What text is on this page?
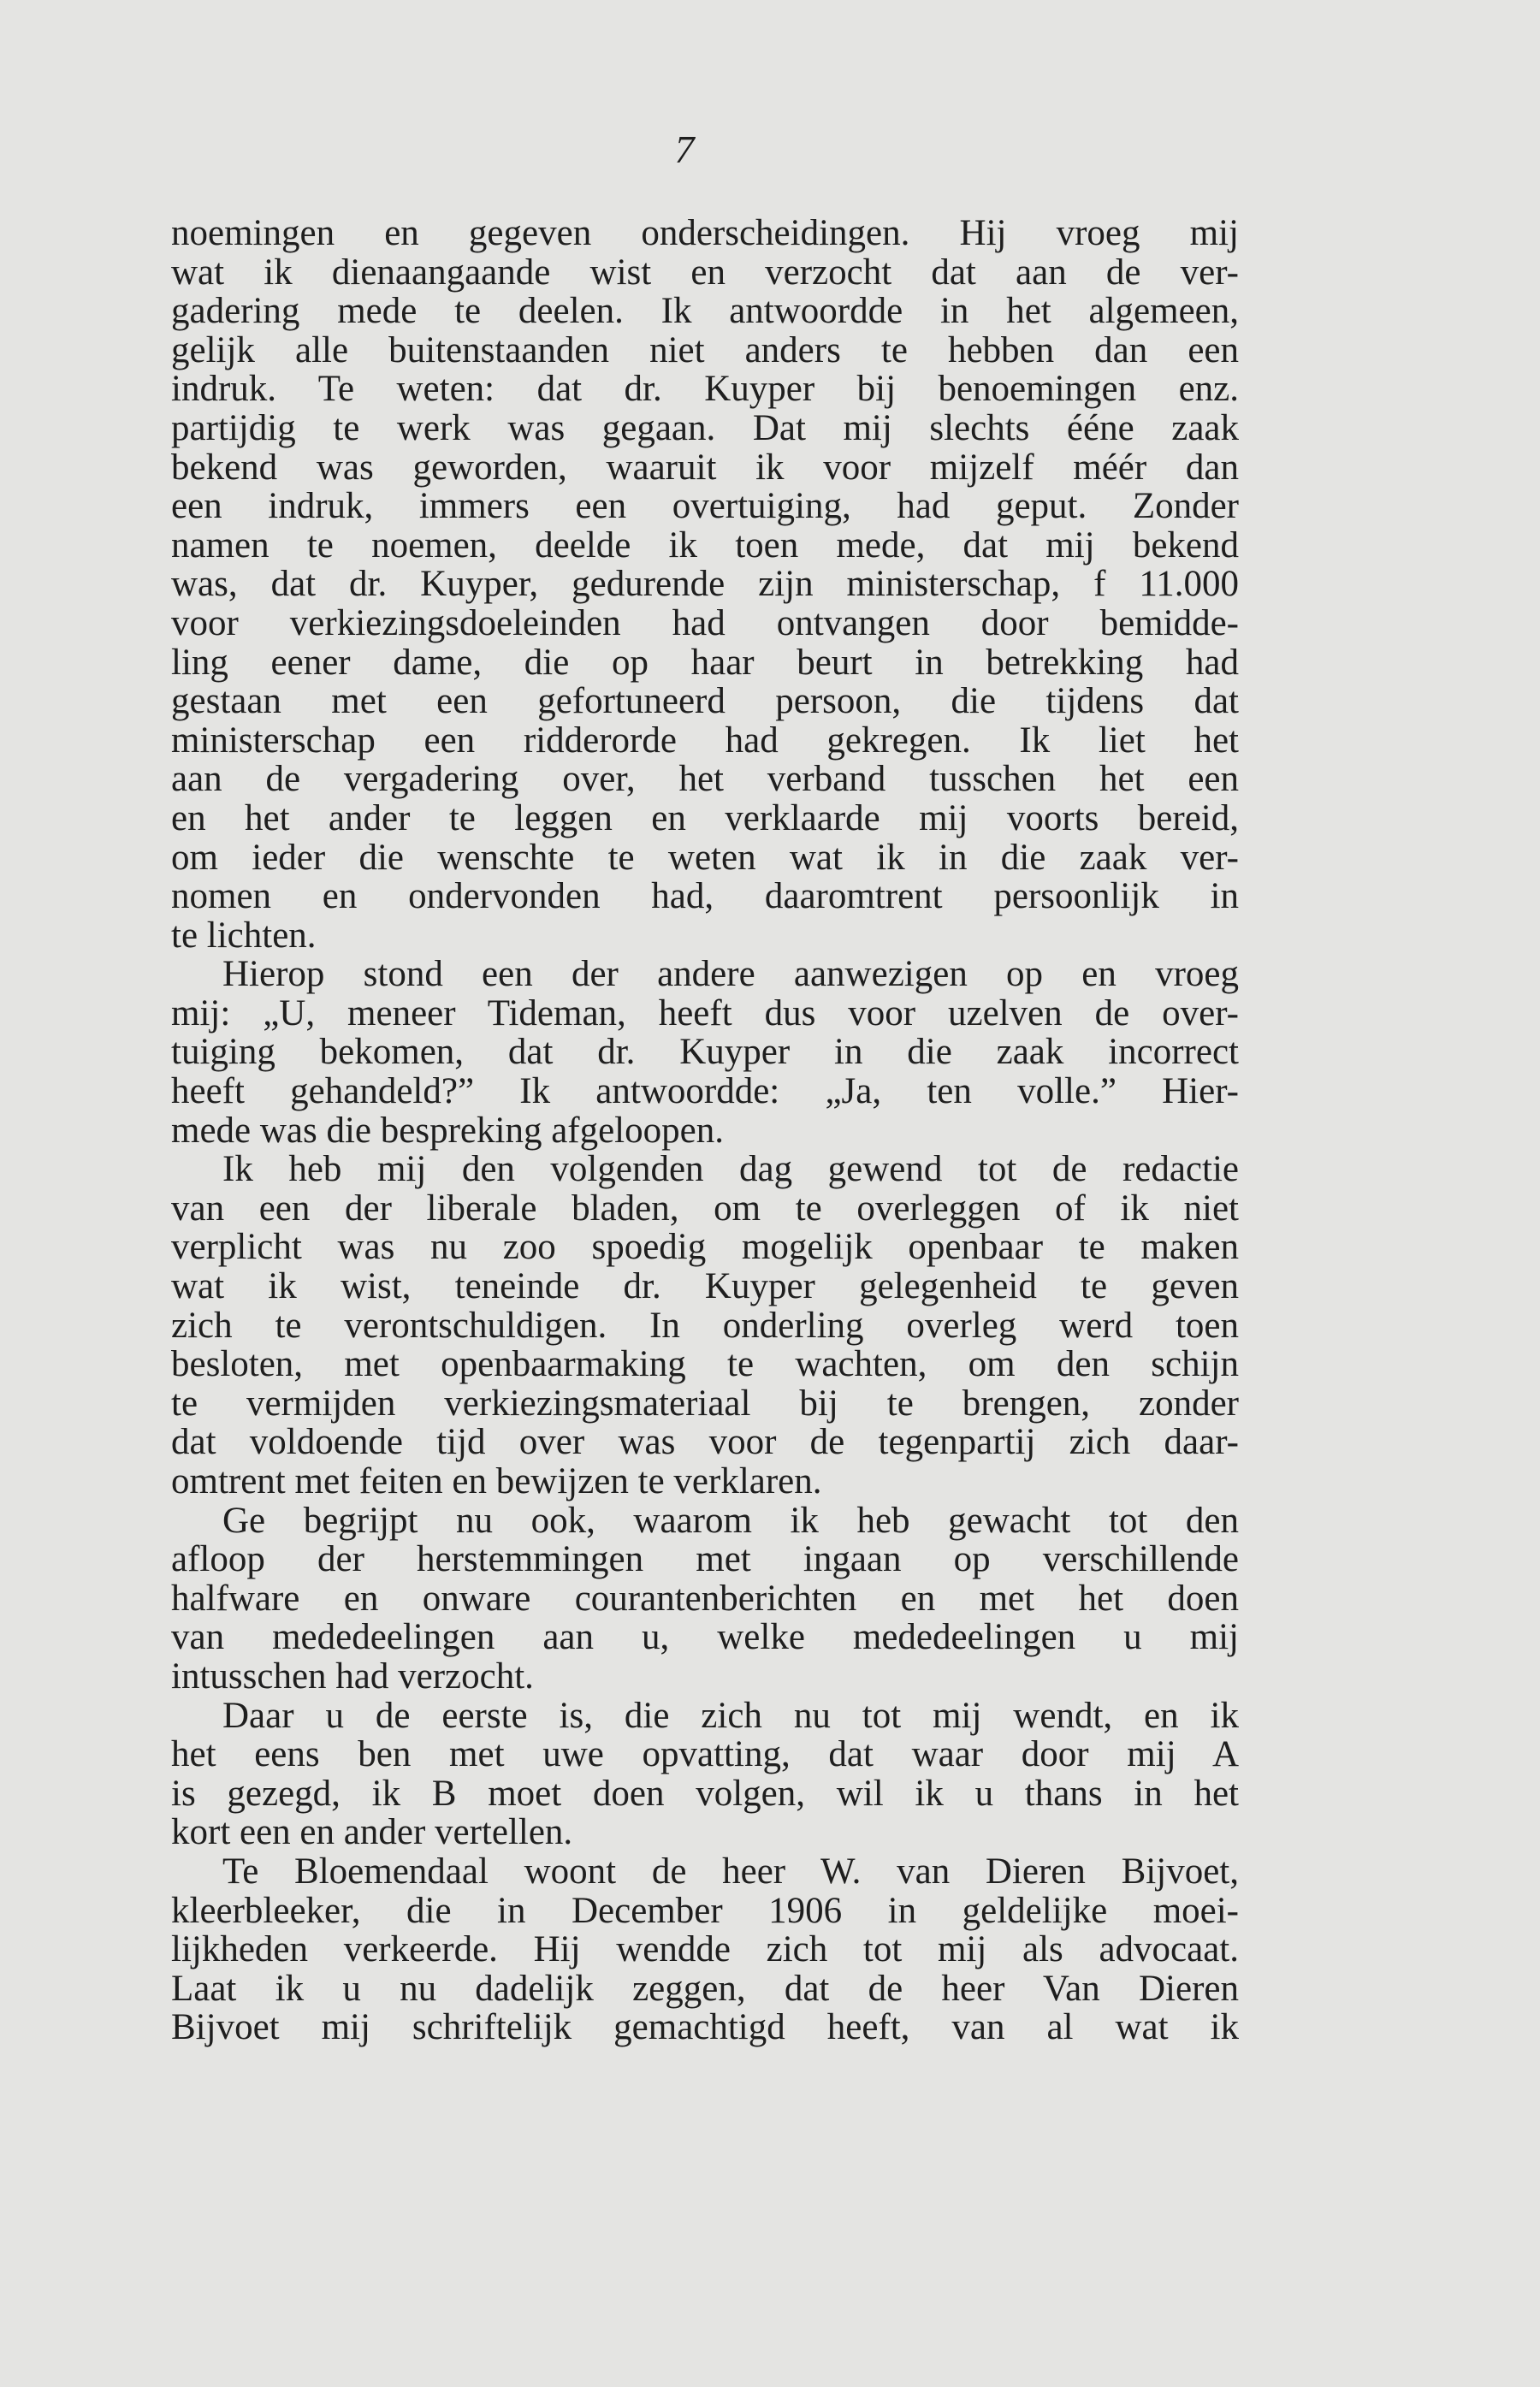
7
noemingen en gegeven onderscheidingen. Hij vroeg mij
wat ik dienaangaande wist en verzocht dat aan de ver-
gadering mede te deelen. Ik antwoordde in het algemeen,
gelijk alle buitenstaanden niet anders te hebben dan een
indruk. Te weten: dat dr. Kuyper bij benoemingen enz.
partijdig te werk was gegaan. Dat mij slechts ééne zaak
bekend was geworden, waaruit ik voor mijzelf méér dan
een indruk, immers een overtuiging, had geput. Zonder
namen te noemen, deelde ik toen mede, dat mij bekend
was, dat dr. Kuyper, gedurende zijn ministerschap, f 11.000
voor verkiezingsdoeleinden had ontvangen door bemidde-
ling eener dame, die op haar beurt in betrekking had
gestaan met een gefortuneerd persoon, die tijdens dat
ministerschap een ridderorde had gekregen. Ik liet het
aan de vergadering over, het verband tusschen het een
en het ander te leggen en verklaarde mij voorts bereid,
om ieder die wenschte te weten wat ik in die zaak ver-
nomen en ondervonden had, daaromtrent persoonlijk in
te lichten.
Hierop stond een der andere aanwezigen op en vroeg
mij: „U, meneer Tideman, heeft dus voor uzelven de over-
tuiging bekomen, dat dr. Kuyper in die zaak incorrect
heeft gehandeld?” Ik antwoordde: „Ja, ten volle.” Hier-
mede was die bespreking afgeloopen.
Ik heb mij den volgenden dag gewend tot de redactie
van een der liberale bladen, om te overleggen of ik niet
verplicht was nu zoo spoedig mogelijk openbaar te maken
wat ik wist, teneinde dr. Kuyper gelegenheid te geven
zich te verontschuldigen. In onderling overleg werd toen
besloten, met openbaarmaking te wachten, om den schijn
te vermijden verkiezingsmateriaal bij te brengen, zonder
dat voldoende tijd over was voor de tegenpartij zich daar-
omtrent met feiten en bewijzen te verklaren.
Ge begrijpt nu ook, waarom ik heb gewacht tot den
afloop der herstemmingen met ingaan op verschillende
halfware en onware courantenberichten en met het doen
van mededeelingen aan u, welke mededeelingen u mij
intusschen had verzocht.
Daar u de eerste is, die zich nu tot mij wendt, en ik
het eens ben met uwe opvatting, dat waar door mij A
is gezegd, ik B moet doen volgen, wil ik u thans in het
kort een en ander vertellen.
Te Bloemendaal woont de heer W. van Dieren Bijvoet,
kleerbleeker, die in December 1906 in geldelijke moei-
lijkheden verkeerde. Hij wendde zich tot mij als advocaat.
Laat ik u nu dadelijk zeggen, dat de heer Van Dieren
Bijvoet mij schriftelijk gemachtigd heeft, van al wat ik
